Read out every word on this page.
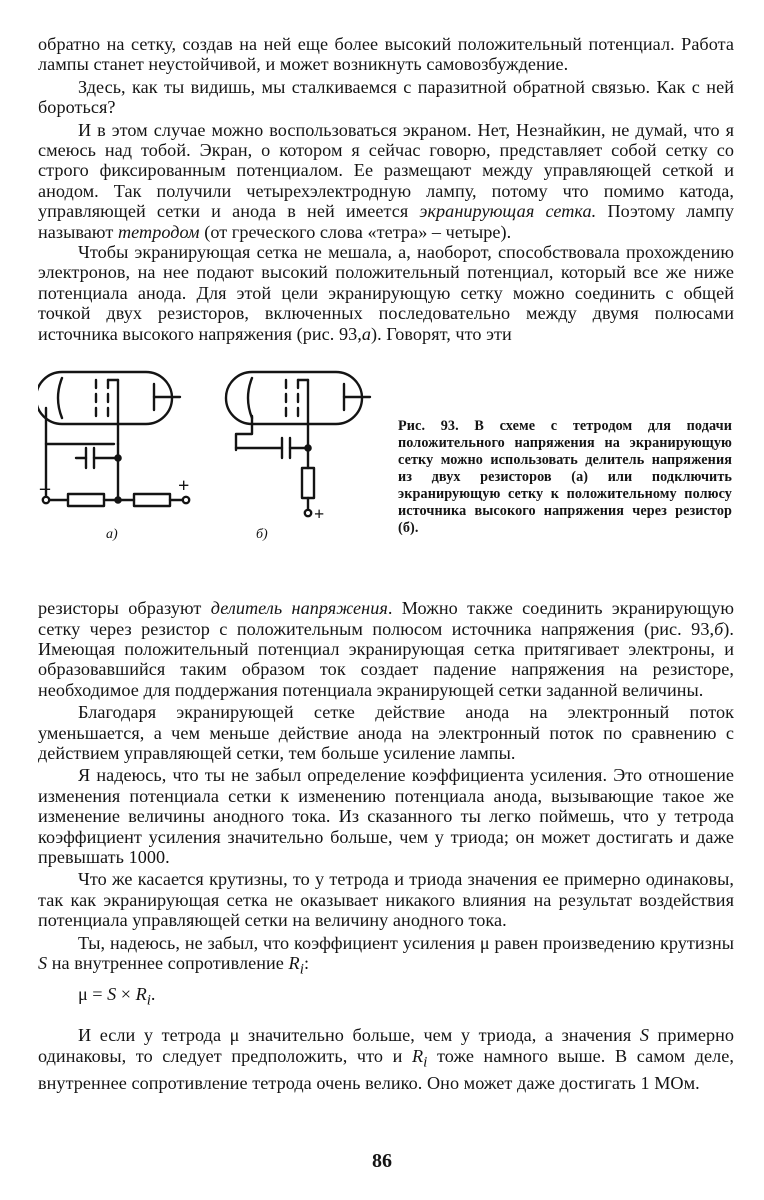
обратно на сетку, создав на ней еще более высокий положительный потенциал. Работа лампы станет неустойчивой, и может возникнуть самовозбуждение.

Здесь, как ты видишь, мы сталкиваемся с паразитной обратной связью. Как с ней бороться?

И в этом случае можно воспользоваться экраном. Нет, Незнайкин, не думай, что я смеюсь над тобой. Экран, о котором я сейчас говорю, представляет собой сетку со строго фиксированным потенциалом. Ее размещают между управляющей сеткой и анодом. Так получили четырехэлектродную лампу, потому что помимо катода, управляющей сетки и анода в ней имеется экранирующая сетка. Поэтому лампу называют тетродом (от греческого слова «тетра» – четыре).

Чтобы экранирующая сетка не мешала, а, наоборот, способствовала прохождению электронов, на нее подают высокий положительный потенциал, который все же ниже потенциала анода. Для этой цели экранирующую сетку можно соединить с общей точкой двух резисторов, включенных последовательно между двумя полюсами источника высокого напряжения (рис. 93,а). Говорят, что эти

–	+
+
а)	б)
Рис. 93. В схеме с тетродом для подачи положительного напряжения на экранирующую сетку можно использовать делитель напряжения из двух резисторов (а) или подключить экранирующую сетку к положительному полюсу источника высокого напряжения через резистор (б).

резисторы образуют делитель напряжения. Можно также соединить экранирующую сетку через резистор с положительным полюсом источника напряжения (рис. 93,б). Имеющая положительный потенциал экранирующая сетка притягивает электроны, и образовавшийся таким образом ток создает падение напряжения на резисторе, необходимое для поддержания потенциала экранирующей сетки заданной величины.

Благодаря экранирующей сетке действие анода на электронный поток уменьшается, а чем меньше действие анода на электронный поток по сравнению с действием управляющей сетки, тем больше усиление лампы.

Я надеюсь, что ты не забыл определение коэффициента усиления. Это отношение изменения потенциала сетки к изменению потенциала анода, вызывающие такое же изменение величины анодного тока. Из сказанного ты легко поймешь, что у тетрода коэффициент усиления значительно больше, чем у триода; он может достигать и даже превышать 1000.

Что же касается крутизны, то у тетрода и триода значения ее примерно одинаковы, так как экранирующая сетка не оказывает никакого влияния на результат воздействия потенциала управляющей сетки на величину анодного тока.

Ты, надеюсь, не забыл, что коэффициент усиления μ равен произведению крутизны S на внутреннее сопротивление $R_i$:

$\mu = S \times R_i$.

И если у тетрода μ значительно больше, чем у триода, а значения S примерно одинаковы, то следует предположить, что и $R_i$ тоже намного выше. В самом деле, внутреннее сопротивление тетрода очень велико. Оно может даже достигать 1 МОм.

86
